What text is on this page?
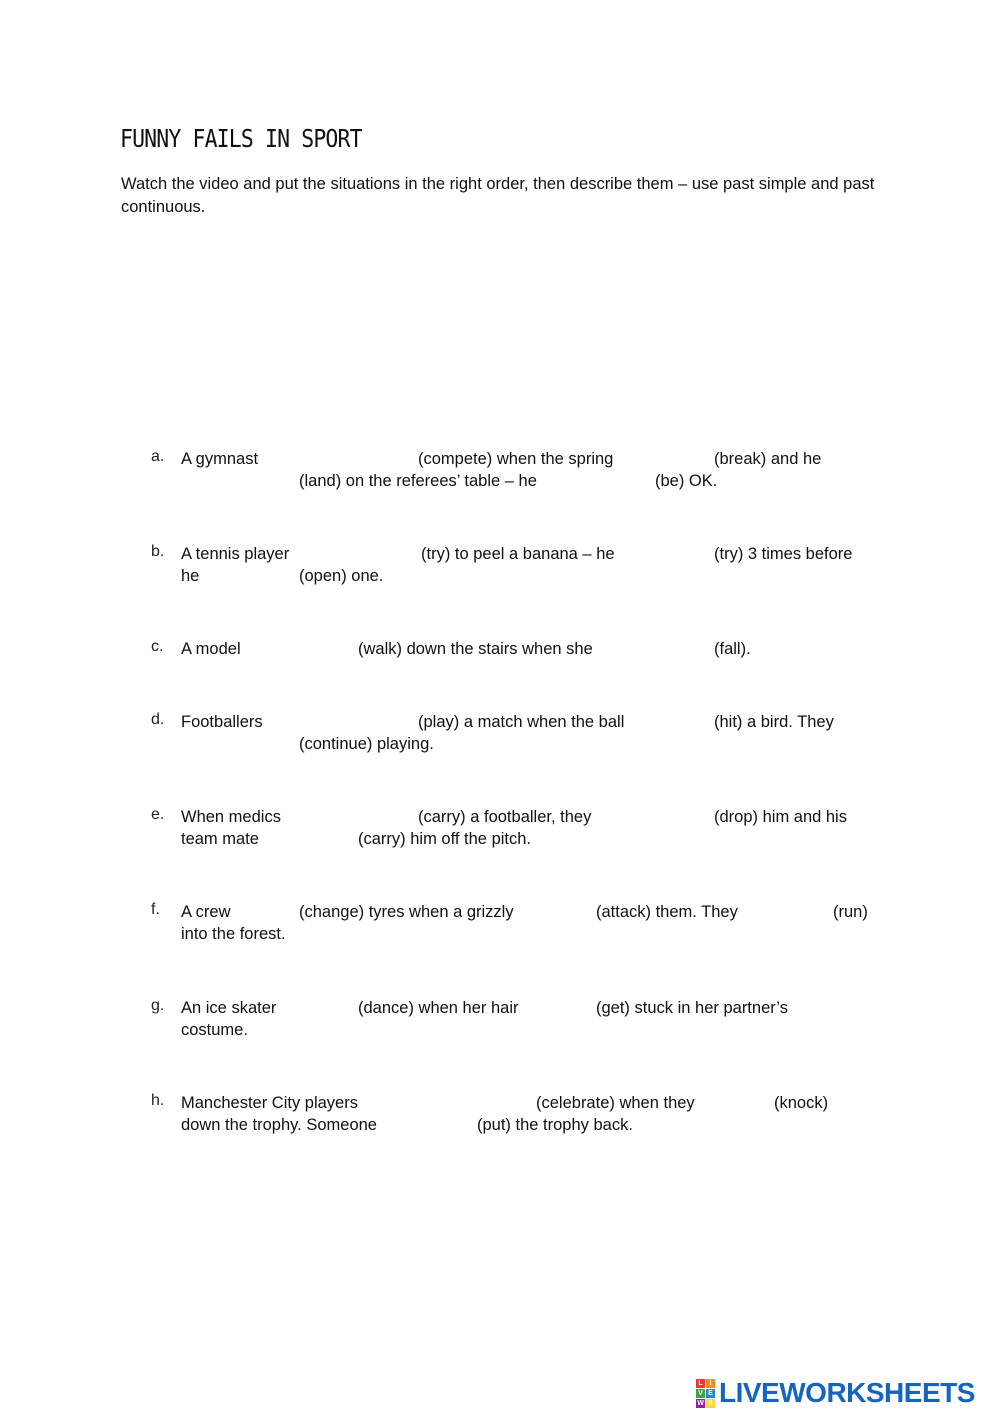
FUNNY FAILS IN SPORT
Watch the video and put the situations in the right order, then describe them – use past simple and past continuous.
a. A gymnast	(compete) when the spring	(break) and he
(land) on the referees’ table – he	(be) OK.
b. A tennis player	(try) to peel a banana – he	(try) 3 times before
he	(open) one.
c. A model	(walk) down the stairs when she	(fall).
d. Footballers	(play) a match when the ball	(hit) a bird. They
(continue) playing.
e. When medics	(carry) a footballer, they	(drop) him and his
team mate	(carry) him off the pitch.
f. A crew	(change) tyres when a grizzly	(attack) them. They	(run)
into the forest.
g. An ice skater	(dance) when her hair	(get) stuck in her partner’s
costume.
h. Manchester City players	(celebrate) when they	(knock)
down the trophy. Someone	(put) the trophy back.
L I
V E
W S LIVEWORKSHEETS
